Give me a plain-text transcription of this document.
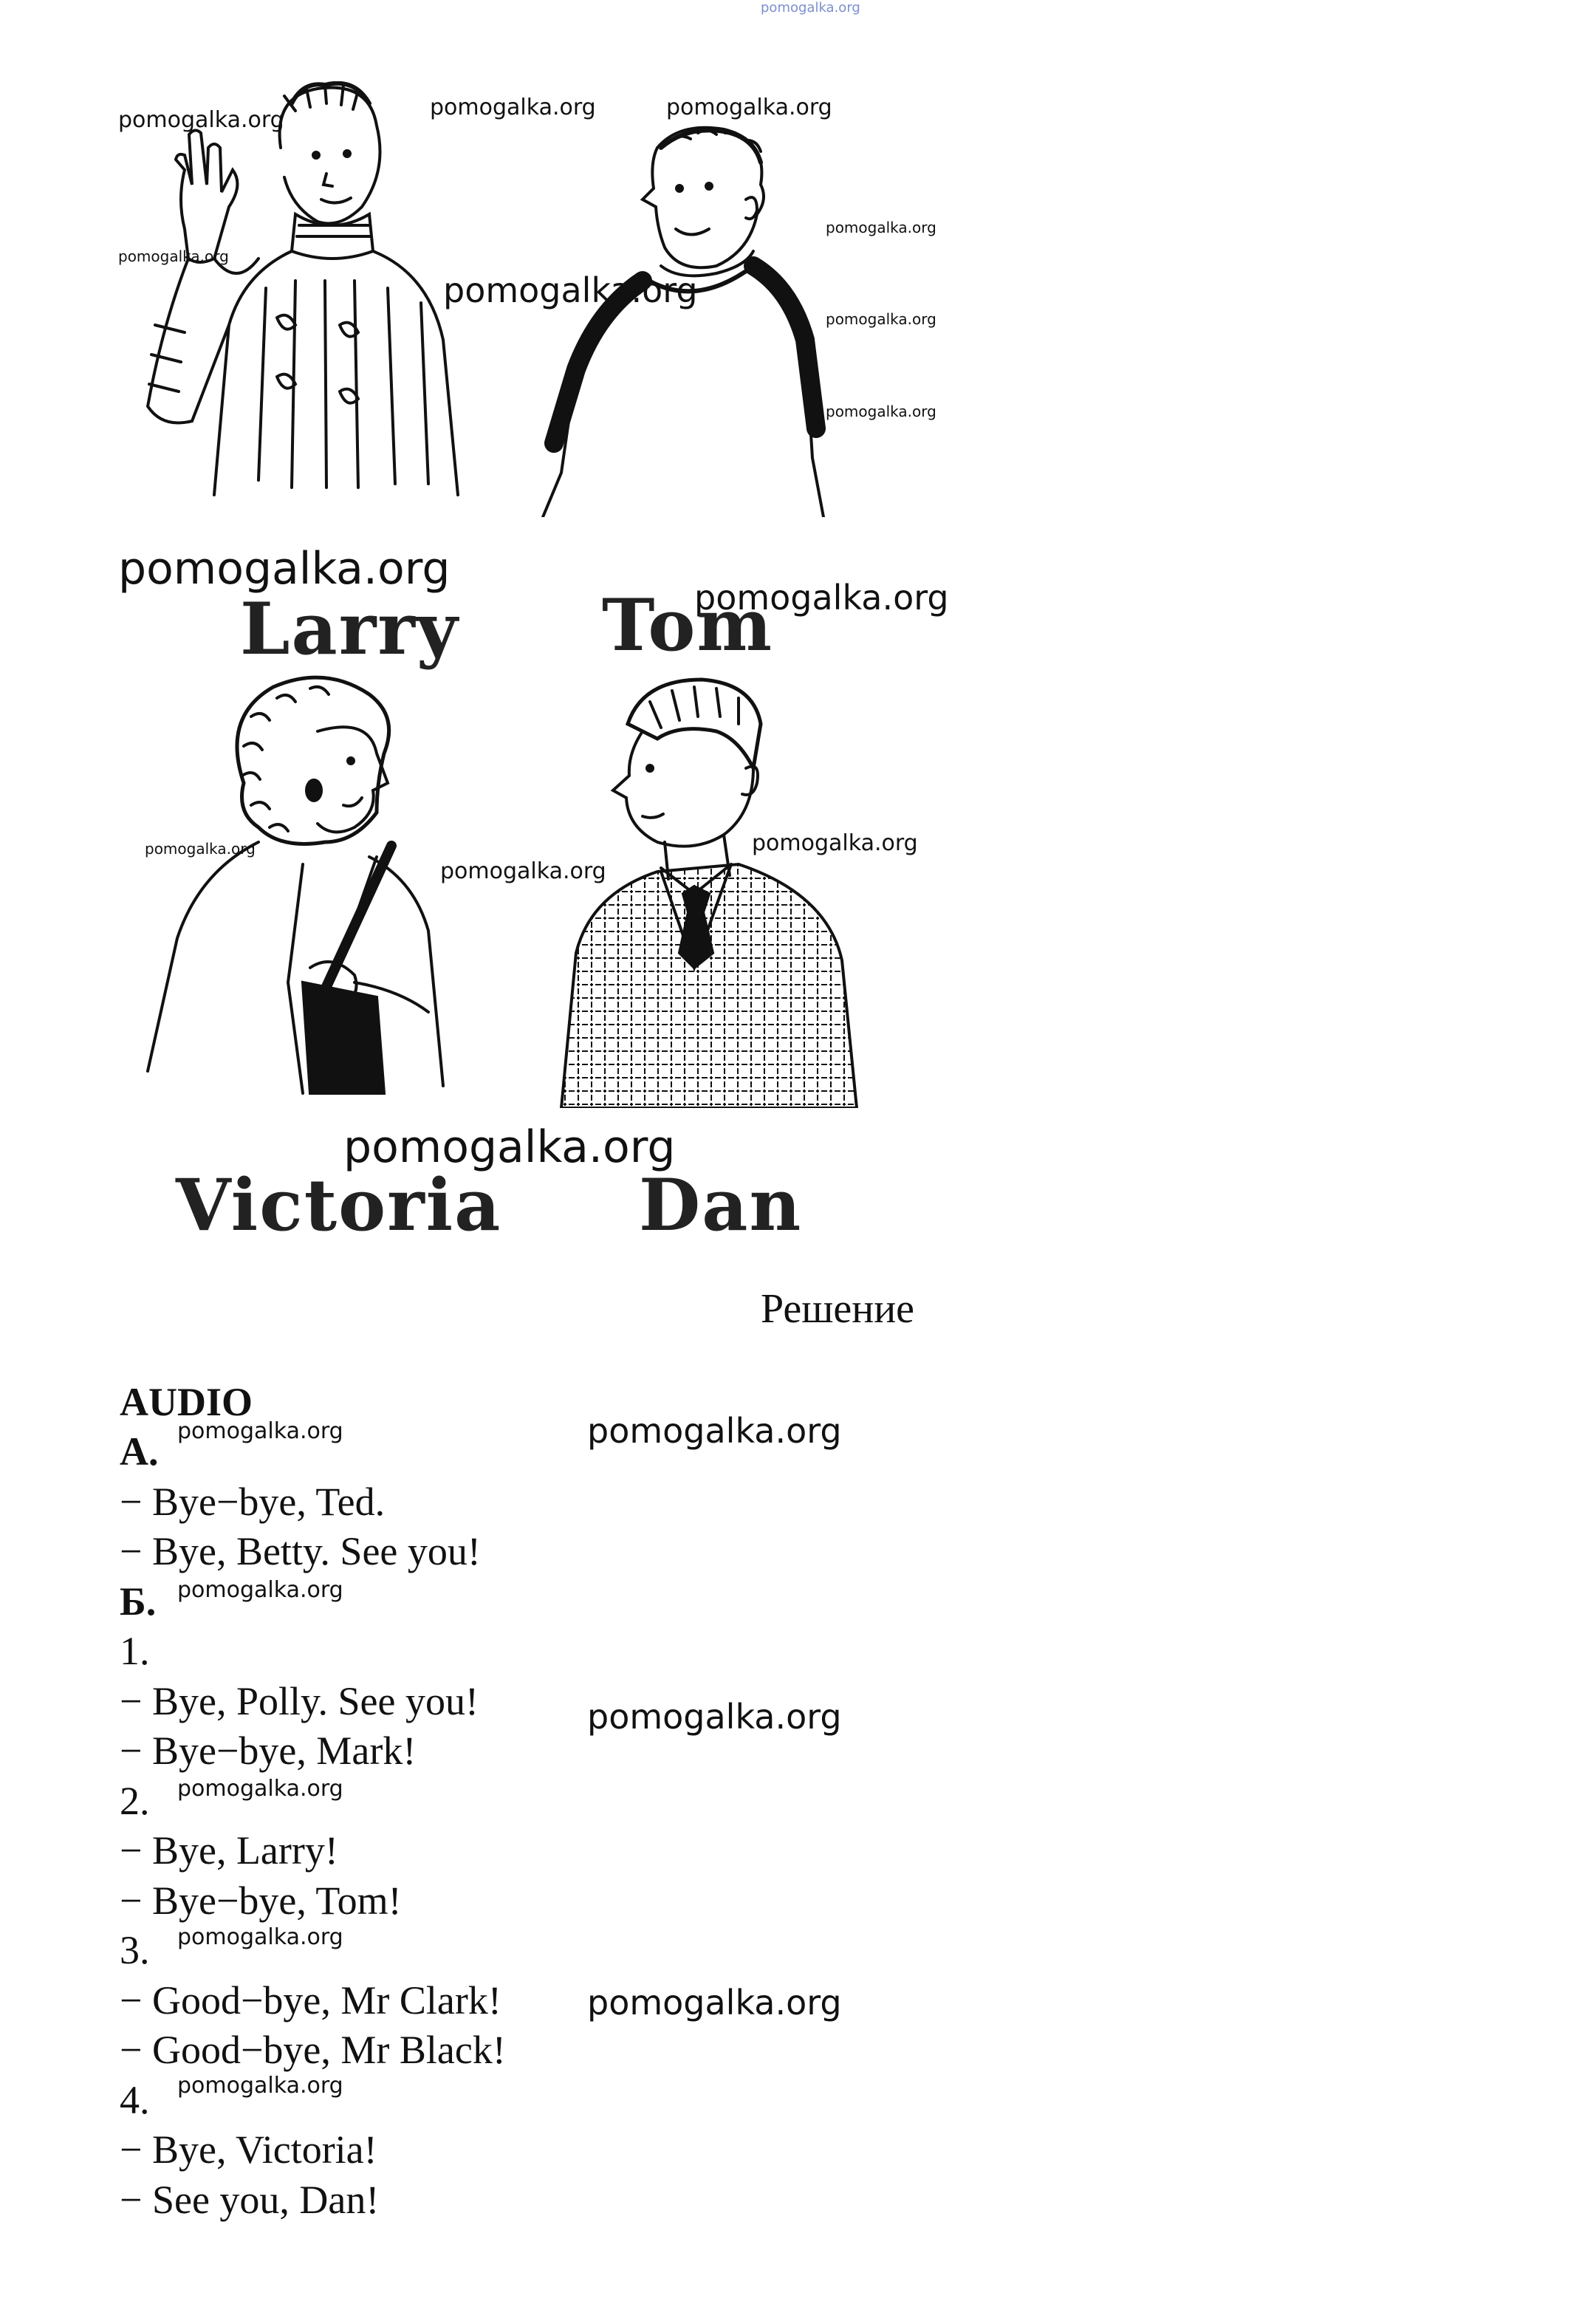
pomogalka.org
pomogalka.org	pomogalka.org	pomogalka.org
pomogalka.org
pomogalka.org
pomogalka.org
pomogalka.org
pomogalka.org
pomogalka.org
pomogalka.org
pomogalka.org
pomogalka.org
pomogalka.org
pomogalka.org
Larry Tom
Victoria Dan
Решение
AUDIO
А.
− Bye−bye, Ted.
− Bye, Betty. See you!
Б.
1.
− Bye, Polly. See you!
− Bye−bye, Mark!
2.
− Bye, Larry!
− Bye−bye, Tom!
3.
− Good−bye, Mr Clark!
− Good−bye, Mr Black!
4.
− Bye, Victoria!
− See you, Dan!
pomogalka.org	pomogalka.org
pomogalka.org
pomogalka.org
pomogalka.org
pomogalka.org
pomogalka.org
pomogalka.org
